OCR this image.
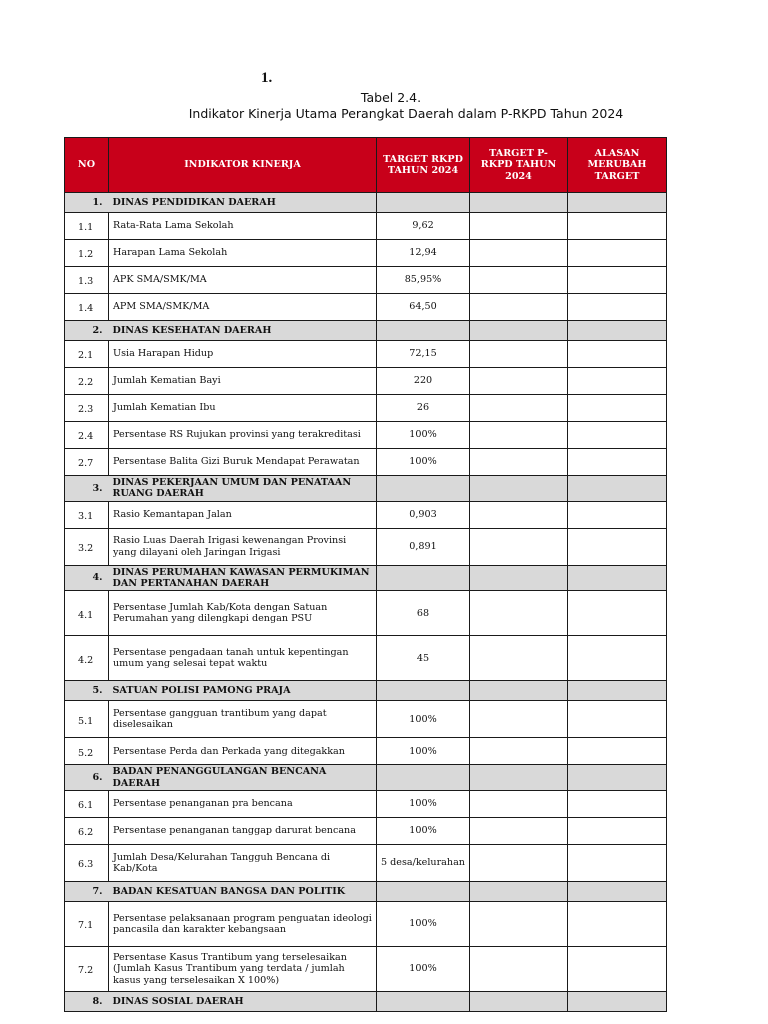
1.
Tabel 2.4.
Indikator Kinerja Utama Perangkat Daerah dalam P-RKPD Tahun 2024
NO	INDIKATOR KINERJA	TARGET RKPD TAHUN 2024	TARGET P-RKPD TAHUN 2024	ALASAN MERUBAH TARGET
1.	DINAS PENDIDIKAN DAERAH			
1.1	Rata-Rata Lama Sekolah	9,62		
1.2	Harapan Lama Sekolah	12,94		
1.3	APK SMA/SMK/MA	85,95%		
1.4	APM SMA/SMK/MA	64,50		
2.	DINAS KESEHATAN DAERAH			
2.1	Usia Harapan Hidup	72,15		
2.2	Jumlah Kematian Bayi	220		
2.3	Jumlah Kematian Ibu	26		
2.4	Persentase RS Rujukan provinsi yang terakreditasi	100%		
2.7	Persentase Balita Gizi Buruk Mendapat Perawatan	100%		
3.	DINAS PEKERJAAN UMUM DAN PENATAAN RUANG DAERAH			
3.1	Rasio Kemantapan Jalan	0,903		
3.2	Rasio Luas Daerah Irigasi kewenangan Provinsi yang dilayani oleh Jaringan Irigasi	0,891		
4.	DINAS PERUMAHAN KAWASAN PERMUKIMAN DAN PERTANAHAN DAERAH			
4.1	Persentase Jumlah Kab/Kota dengan Satuan Perumahan yang dilengkapi dengan PSU	68		
4.2	Persentase pengadaan tanah untuk kepentingan umum yang selesai tepat waktu	45		
5.	SATUAN POLISI PAMONG PRAJA			
5.1	Persentase gangguan trantibum yang dapat diselesaikan	100%		
5.2	Persentase Perda dan Perkada yang ditegakkan	100%		
6.	BADAN PENANGGULANGAN BENCANA DAERAH			
6.1	Persentase penanganan pra bencana	100%		
6.2	Persentase penanganan tanggap darurat bencana	100%		
6.3	Jumlah Desa/Kelurahan Tangguh Bencana di Kab/Kota	5 desa/kelurahan		
7.	BADAN KESATUAN BANGSA DAN POLITIK			
7.1	Persentase pelaksanaan program penguatan ideologi pancasila dan karakter kebangsaan	100%		
7.2	Persentase Kasus Trantibum yang terselesaikan (Jumlah Kasus Trantibum yang terdata / jumlah kasus yang terselesaikan X 100%)	100%		
8.	DINAS SOSIAL DAERAH			
